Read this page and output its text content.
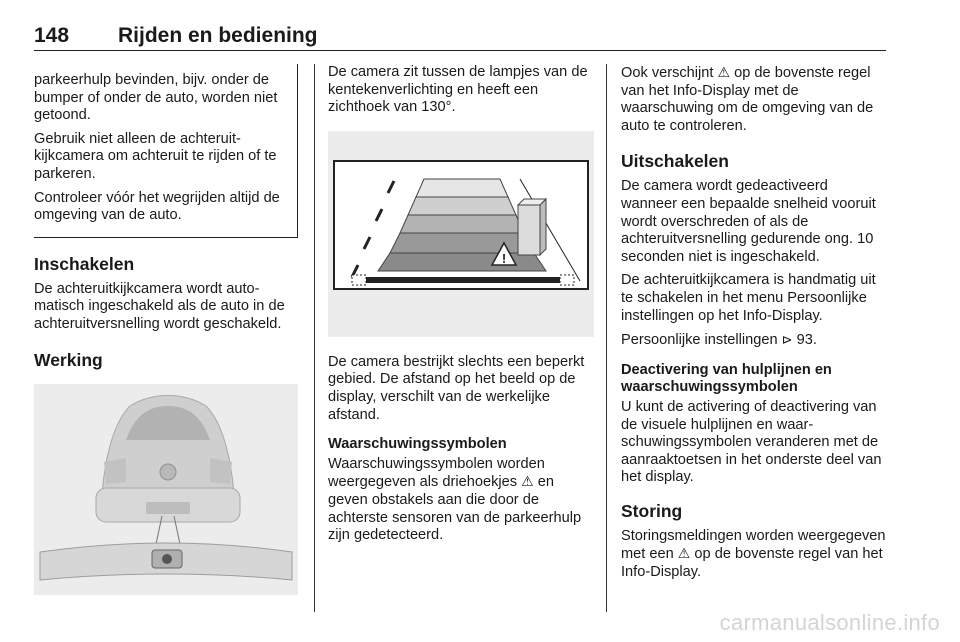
148 Rijden en bediening

parkeerhulp bevinden, bijv. onder de bumper of onder de auto, worden niet getoond.

Gebruik niet alleen de achteruitkijkcamera om achteruit te rijden of te parkeren.

Controleer vóór het wegrijden altijd de omgeving van de auto.

Inschakelen

De achteruitkijkcamera wordt automatisch ingeschakeld als de auto in de achteruitversnelling wordt geschakeld.

Werking

De camera zit tussen de lampjes van de kentekenverlichting en heeft een zichthoek van 130°.

!

De camera bestrijkt slechts een beperkt gebied. De afstand op het beeld op de display, verschilt van de werkelijke afstand.

Waarschuwingssymbolen

Waarschuwingssymbolen worden weergegeven als driehoekjes ⚠ en geven obstakels aan die door de achterste sensoren van de parkeerhulp zijn gedetecteerd.

Ook verschijnt ⚠ op de bovenste regel van het Info-Display met de waarschuwing om de omgeving van de auto te controleren.

Uitschakelen

De camera wordt gedeactiveerd wanneer een bepaalde snelheid vooruit wordt overschreden of als de achteruitversnelling gedurende ong. 10 seconden niet is ingeschakeld.

De achteruitkijkcamera is handmatig uit te schakelen in het menu Persoonlijke instellingen op het Info-Display.

Persoonlijke instellingen ⊳ 93.

Deactivering van hulplijnen en waarschuwingssymbolen

U kunt de activering of deactivering van de visuele hulplijnen en waarschuwingssymbolen veranderen met de aanraaktoetsen in het onderste deel van het display.

Storing

Storingsmeldingen worden weergegeven met een ⚠ op de bovenste regel van het Info-Display.

carmanualsonline.info
